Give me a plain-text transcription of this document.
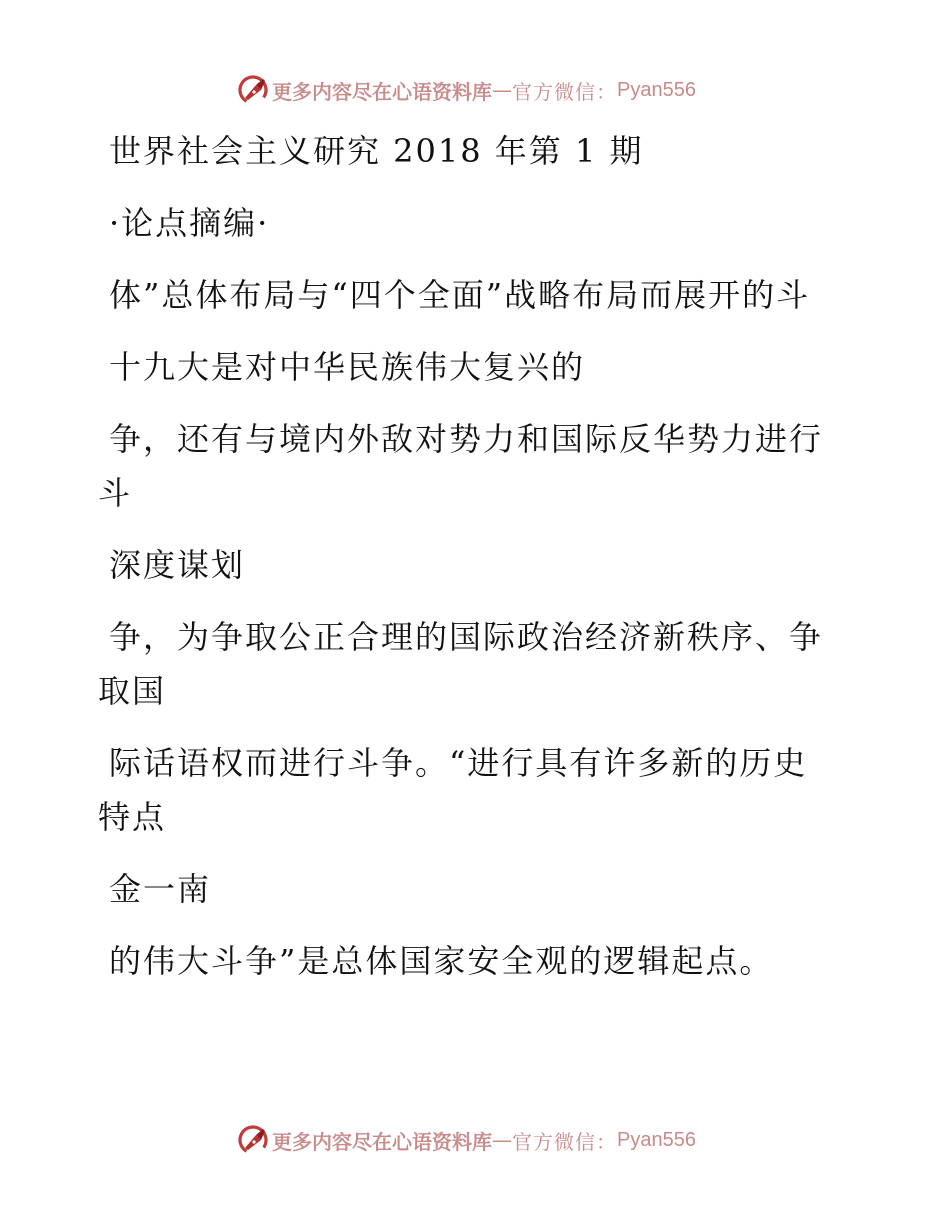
更多内容尽在心语资料库 — 官方微信： Pyan556

世界社会主义研究 2018 年第 1 期

·论点摘编·

体”总体布局与“四个全面”战略布局而展开的斗

十九大是对中华民族伟大复兴的

争，还有与境内外敌对势力和国际反华势力进行斗

深度谋划

争，为争取公正合理的国际政治经济新秩序、争取国

际话语权而进行斗争。“进行具有许多新的历史特点

金一南

的伟大斗争”是总体国家安全观的逻辑起点。

更多内容尽在心语资料库 — 官方微信： Pyan556
